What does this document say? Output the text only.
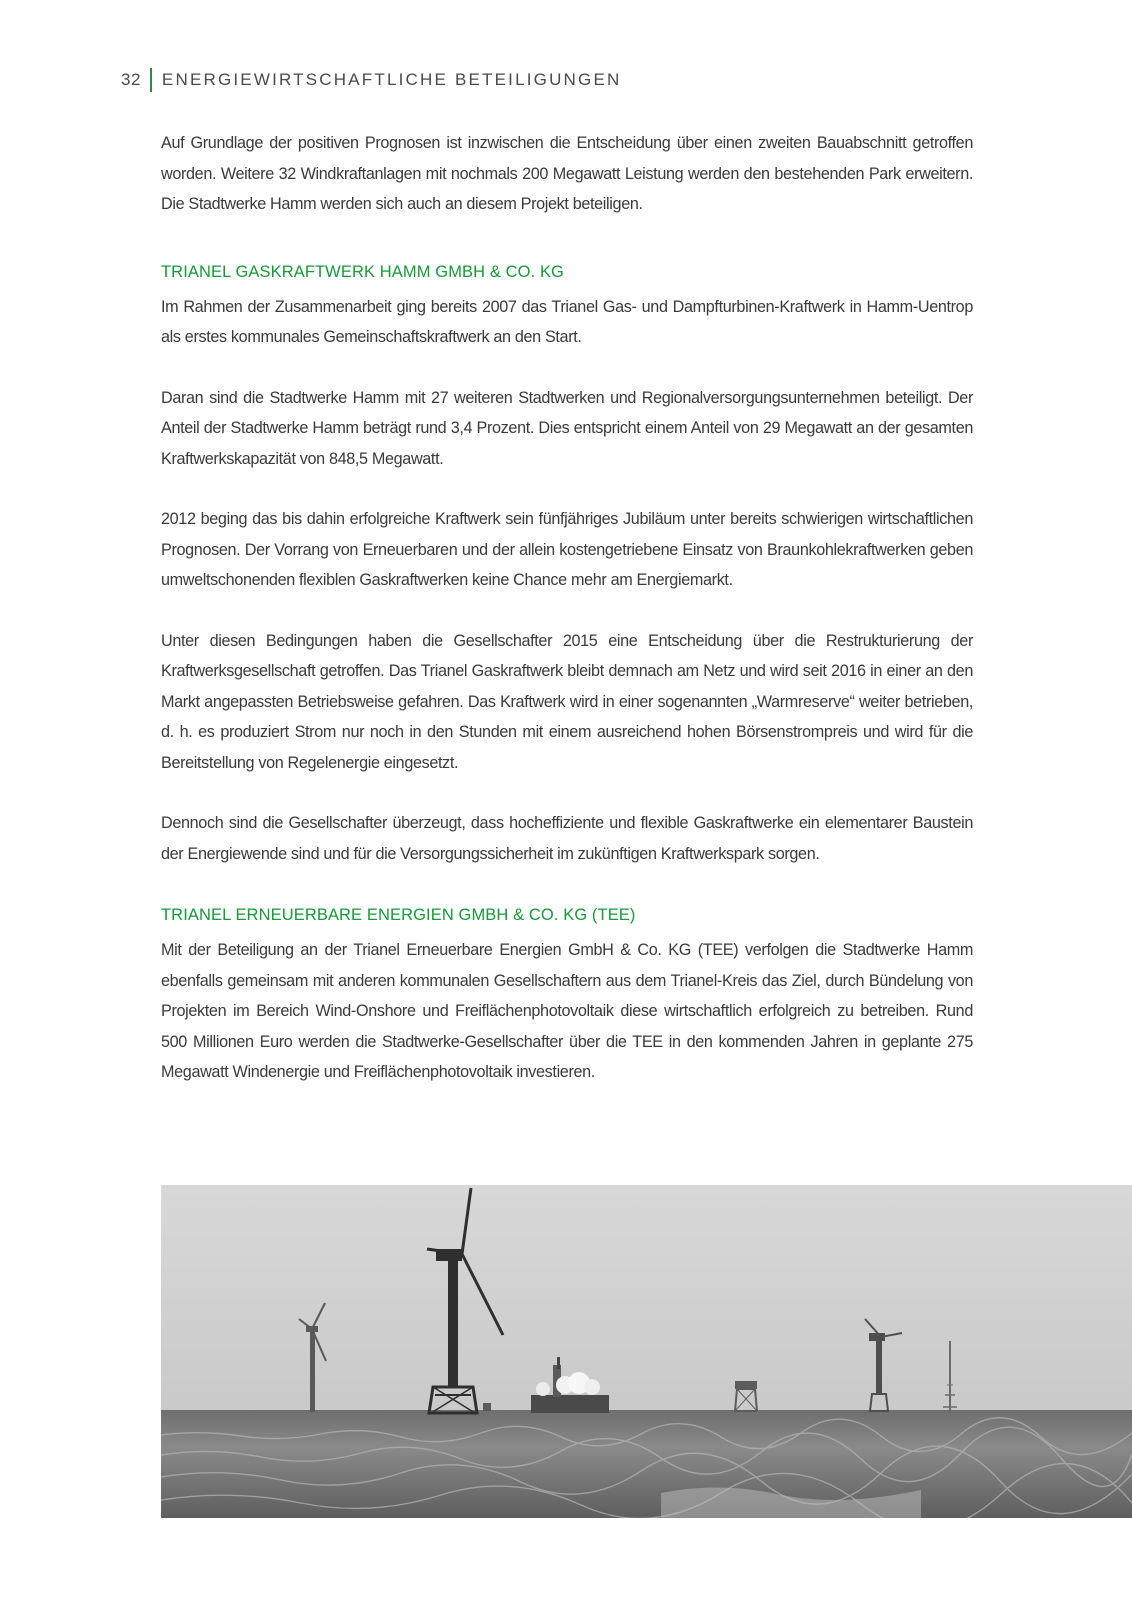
32 ENERGIEWIRTSCHAFTLICHE BETEILIGUNGEN

Auf Grundlage der positiven Prognosen ist inzwischen die Entscheidung über einen zweiten Bauabschnitt getroffen worden. Weitere 32 Windkraftanlagen mit nochmals 200 Megawatt Leistung werden den bestehenden Park erweitern. Die Stadtwerke Hamm werden sich auch an diesem Projekt beteiligen.

TRIANEL GASKRAFTWERK HAMM GMBH & CO. KG

Im Rahmen der Zusammenarbeit ging bereits 2007 das Trianel Gas- und Dampfturbinen-Kraftwerk in Hamm-Uentrop als erstes kommunales Gemeinschaftskraftwerk an den Start.

Daran sind die Stadtwerke Hamm mit 27 weiteren Stadtwerken und Regionalversorgungsunternehmen beteiligt. Der Anteil der Stadtwerke Hamm beträgt rund 3,4 Prozent. Dies entspricht einem Anteil von 29 Megawatt an der gesamten Kraftwerkskapazität von 848,5 Megawatt.

2012 beging das bis dahin erfolgreiche Kraftwerk sein fünfjähriges Jubiläum unter bereits schwierigen wirtschaftlichen Prognosen. Der Vorrang von Erneuerbaren und der allein kostengetriebene Einsatz von Braunkohlekraftwerken geben umweltschonenden flexiblen Gaskraftwerken keine Chance mehr am Energiemarkt.

Unter diesen Bedingungen haben die Gesellschafter 2015 eine Entscheidung über die Restrukturierung der Kraftwerksgesellschaft getroffen. Das Trianel Gaskraftwerk bleibt demnach am Netz und wird seit 2016 in einer an den Markt angepassten Betriebsweise gefahren. Das Kraftwerk wird in einer sogenannten „Warmreserve“ weiter betrieben, d. h. es produziert Strom nur noch in den Stunden mit einem ausreichend hohen Börsenstrompreis und wird für die Bereitstellung von Regelenergie eingesetzt.

Dennoch sind die Gesellschafter überzeugt, dass hocheffiziente und flexible Gaskraftwerke ein elementarer Baustein der Energiewende sind und für die Versorgungssicherheit im zukünftigen Kraftwerkspark sorgen.

TRIANEL ERNEUERBARE ENERGIEN GMBH & CO. KG (TEE)

Mit der Beteiligung an der Trianel Erneuerbare Energien GmbH & Co. KG (TEE) verfolgen die Stadtwerke Hamm ebenfalls gemeinsam mit anderen kommunalen Gesellschaftern aus dem Trianel-Kreis das Ziel, durch Bündelung von Projekten im Bereich Wind-Onshore und Freiflächenphotovoltaik diese wirtschaftlich erfolgreich zu betreiben. Rund 500 Millionen Euro werden die Stadtwerke-Gesellschafter über die TEE in den kommenden Jahren in geplante 275 Megawatt Windenergie und Freiflächenphotovoltaik investieren.
